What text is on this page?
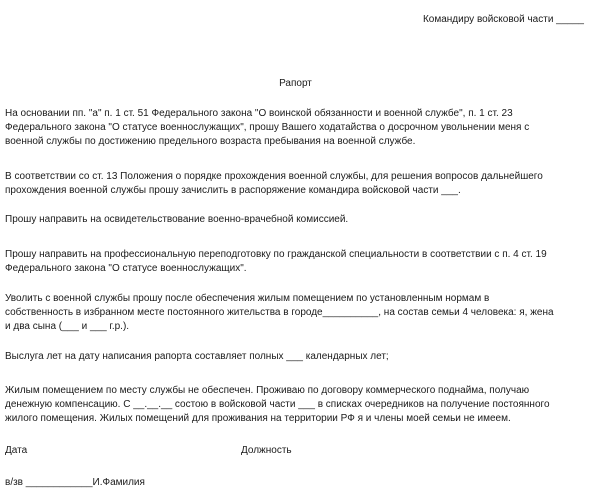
Командиру войсковой части _____
Рапорт

На основании пп. "а" п. 1 ст. 51 Федерального закона "О воинской обязанности и военной службе", п. 1 ст. 23
Федерального закона "О статусе военнослужащих", прошу Вашего ходатайства о досрочном увольнении меня с
военной службы по достижению предельного возраста пребывания на военной службе.

В соответствии со ст. 13 Положения о порядке прохождения военной службы, для решения вопросов дальнейшего
прохождения военной службы прошу зачислить в распоряжение командира войсковой части ___.

Прошу направить на освидетельствование военно-врачебной комиссией.

Прошу направить на профессиональную переподготовку по гражданской специальности в соответствии с п. 4 ст. 19
Федерального закона "О статусе военнослужащих".

Уволить с военной службы прошу после обеспечения жилым помещением по установленным нормам в
собственность в избранном месте постоянного жительства в городе__________, на состав семьи 4 человека: я, жена
и два сына (___ и ___ г.р.).

Выслуга лет на дату написания рапорта составляет полных ___ календарных лет;

Жилым помещением по месту службы не обеспечен. Проживаю по договору коммерческого поднайма, получаю
денежную компенсацию. С __.__.__ состою в войсковой части ___ в списках очередников на получение постоянного
жилого помещения. Жилых помещений для проживания на территории РФ я и члены моей семьи не имеем.

Дата	Должность
в/зв ____________И.Фамилия
